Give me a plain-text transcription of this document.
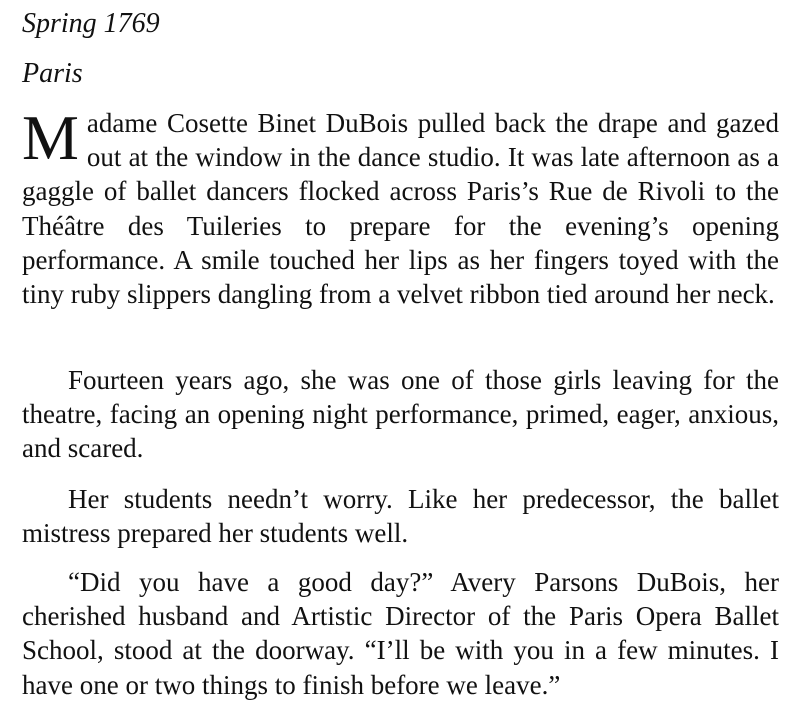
Spring 1769

Paris

Madame Cosette Binet DuBois pulled back the drape and gazed out at the window in the dance studio. It was late afternoon as a gaggle of ballet dancers flocked across Paris’s Rue de Rivoli to the Théâtre des Tuileries to prepare for the evening’s opening performance. A smile touched her lips as her fingers toyed with the tiny ruby slippers dangling from a velvet ribbon tied around her neck.

Fourteen years ago, she was one of those girls leaving for the theatre, facing an opening night performance, primed, eager, anxious, and scared.

Her students needn’t worry. Like her predecessor, the ballet mistress prepared her students well.

“Did you have a good day?” Avery Parsons DuBois, her cherished husband and Artistic Director of the Paris Opera Ballet School, stood at the doorway. “I’ll be with you in a few minutes. I have one or two things to finish before we leave.”
